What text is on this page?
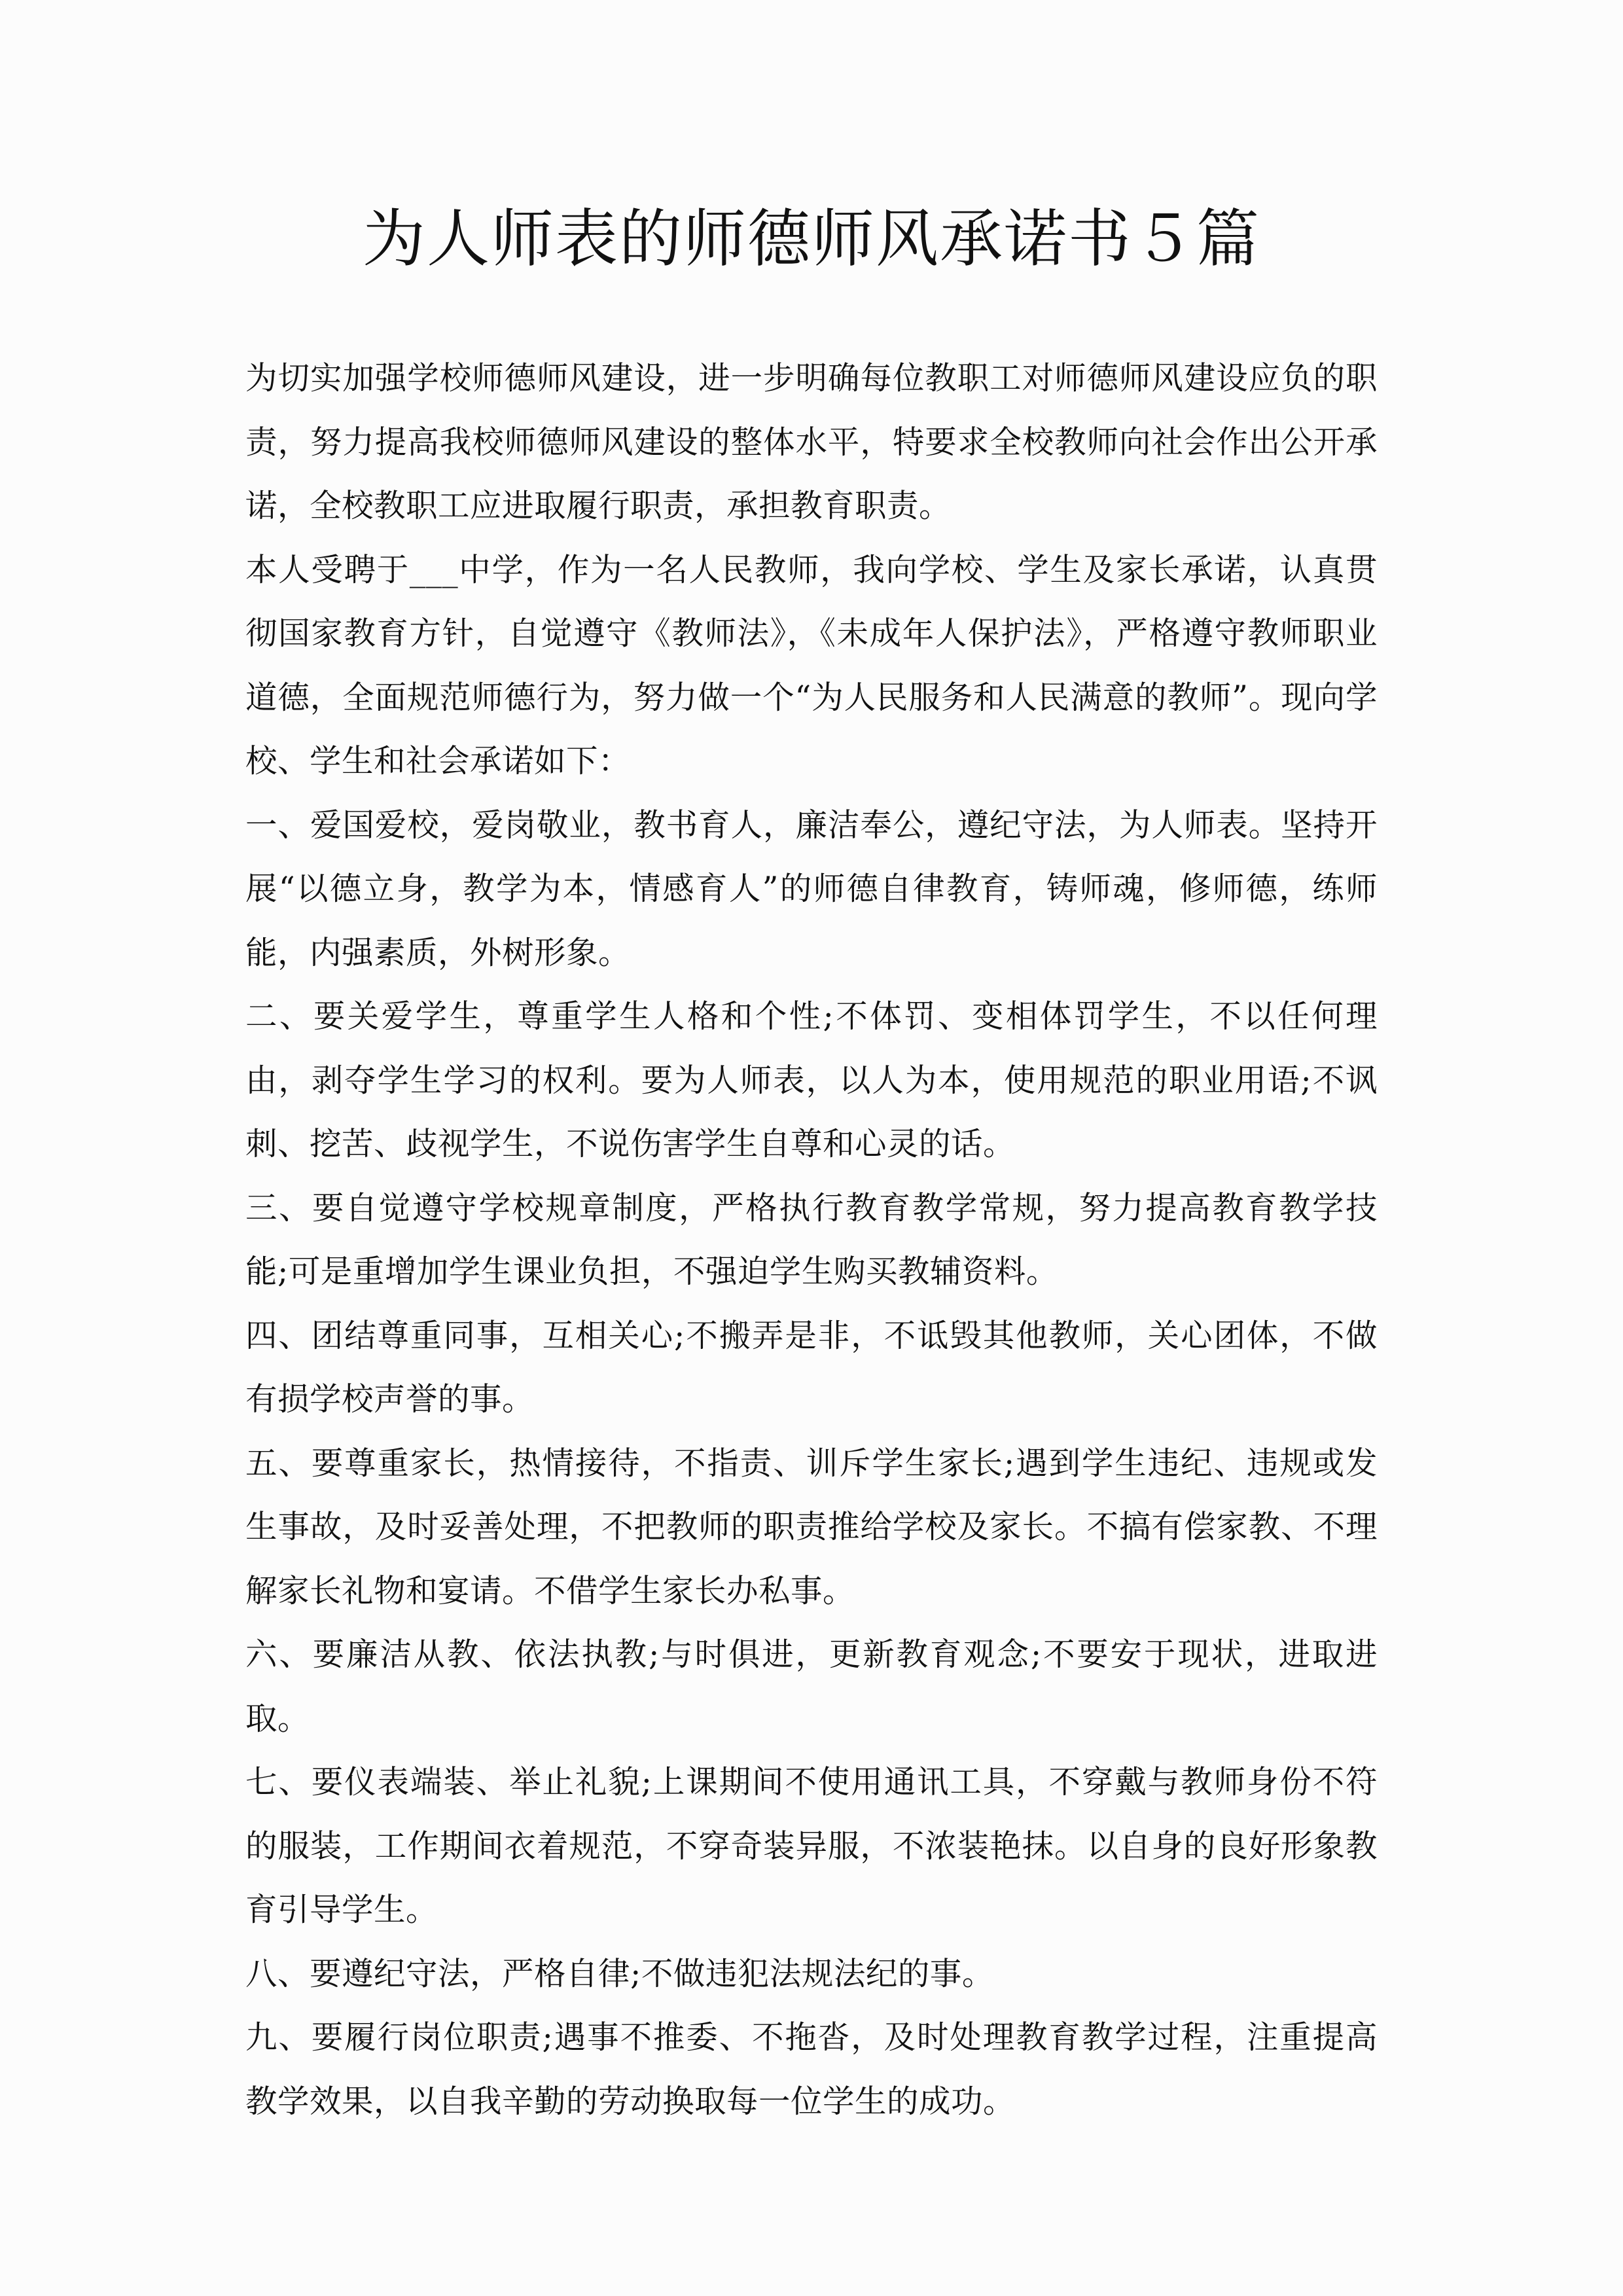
为人师表的师德师风承诺书５篇

为切实加强学校师德师风建设，进一步明确每位教职工对师德师风建设应负的职责，努力提高我校师德师风建设的整体水平，特要求全校教师向社会作出公开承诺，全校教职工应进取履行职责，承担教育职责。

本人受聘于___中学，作为一名人民教师，我向学校、学生及家长承诺，认真贯彻国家教育方针，自觉遵守《教师法》，《未成年人保护法》，严格遵守教师职业道德，全面规范师德行为，努力做一个“为人民服务和人民满意的教师”。现向学校、学生和社会承诺如下：

一、爱国爱校，爱岗敬业，教书育人，廉洁奉公，遵纪守法，为人师表。坚持开展“以德立身，教学为本，情感育人”的师德自律教育，铸师魂，修师德，练师能，内强素质，外树形象。

二、要关爱学生，尊重学生人格和个性;不体罚、变相体罚学生，不以任何理由，剥夺学生学习的权利。要为人师表，以人为本，使用规范的职业用语;不讽刺、挖苦、歧视学生，不说伤害学生自尊和心灵的话。

三、要自觉遵守学校规章制度，严格执行教育教学常规，努力提高教育教学技能;可是重增加学生课业负担，不强迫学生购买教辅资料。

四、团结尊重同事，互相关心;不搬弄是非，不诋毁其他教师，关心团体，不做有损学校声誉的事。

五、要尊重家长，热情接待，不指责、训斥学生家长;遇到学生违纪、违规或发生事故，及时妥善处理，不把教师的职责推给学校及家长。不搞有偿家教、不理解家长礼物和宴请。不借学生家长办私事。

六、要廉洁从教、依法执教;与时俱进，更新教育观念;不要安于现状，进取进取。

七、要仪表端装、举止礼貌;上课期间不使用通讯工具，不穿戴与教师身份不符的服装，工作期间衣着规范，不穿奇装异服，不浓装艳抹。以自身的良好形象教育引导学生。

八、要遵纪守法，严格自律;不做违犯法规法纪的事。

九、要履行岗位职责;遇事不推委、不拖沓，及时处理教育教学过程，注重提高教学效果，以自我辛勤的劳动换取每一位学生的成功。
